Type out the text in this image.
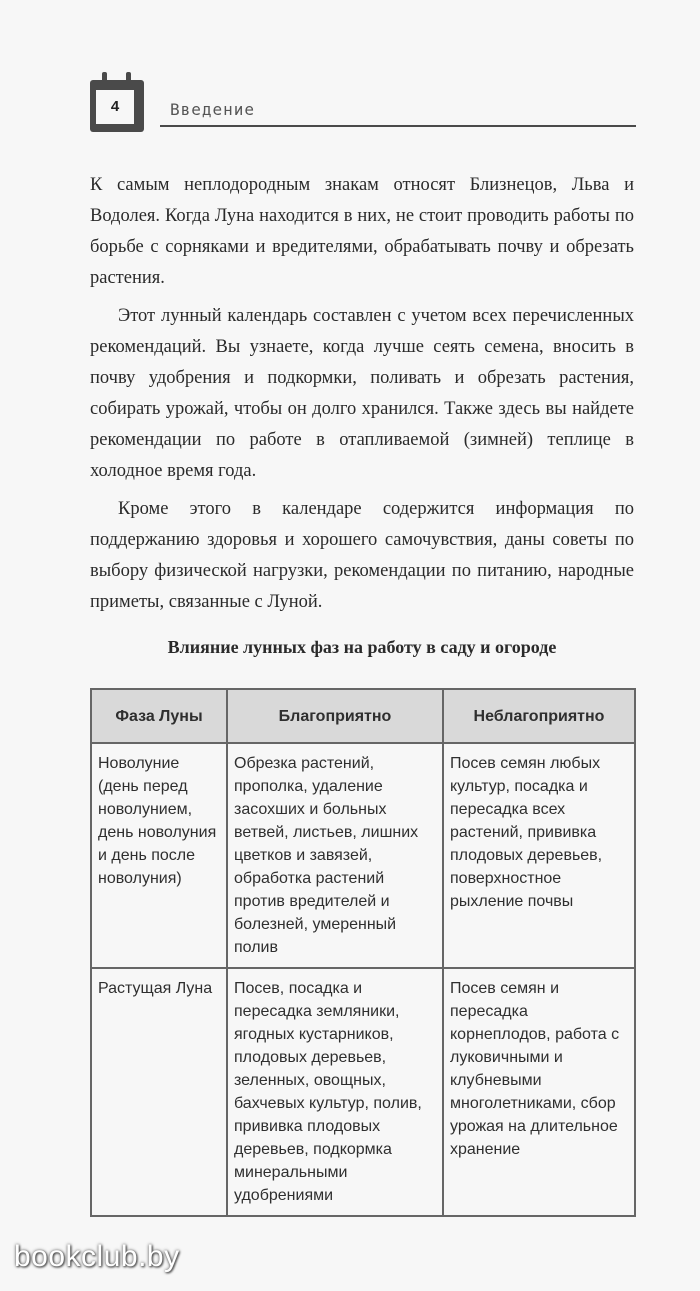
4	Введение

К самым неплодородным знакам относят Близнецов, Льва и Водолея. Когда Луна находится в них, не стоит проводить работы по борьбе с сорняками и вредителями, обрабатывать почву и обрезать растения.

Этот лунный календарь составлен с учетом всех перечисленных рекомендаций. Вы узнаете, когда лучше сеять семена, вносить в почву удобрения и подкормки, поливать и обрезать растения, собирать урожай, чтобы он долго хранился. Также здесь вы найдете рекомендации по работе в отапливаемой (зимней) теплице в холодное время года.

Кроме этого в календаре содержится информация по поддержанию здоровья и хорошего самочувствия, даны советы по выбору физической нагрузки, рекомендации по питанию, народные приметы, связанные с Луной.

Влияние лунных фаз на работу в саду и огороде
Фаза Луны	Благоприятно	Неблагоприятно
Новолуние (день перед новолунием, день новолуния и день после новолуния)	Обрезка растений, прополка, удаление засохших и больных ветвей, листьев, лишних цветков и завязей, обработка растений против вредителей и болезней, умеренный полив	Посев семян любых культур, посадка и пересадка всех растений, прививка плодовых деревьев, поверхностное рыхление почвы
Растущая Луна	Посев, посадка и пересадка земляники, ягодных кустарников, плодовых деревьев, зеленных, овощных, бахчевых культур, полив, прививка плодовых деревьев, подкормка минеральными удобрениями	Посев семян и пересадка корнеплодов, работа с луковичными и клубневыми многолетниками, сбор урожая на длительное хранение
bookclub.by
